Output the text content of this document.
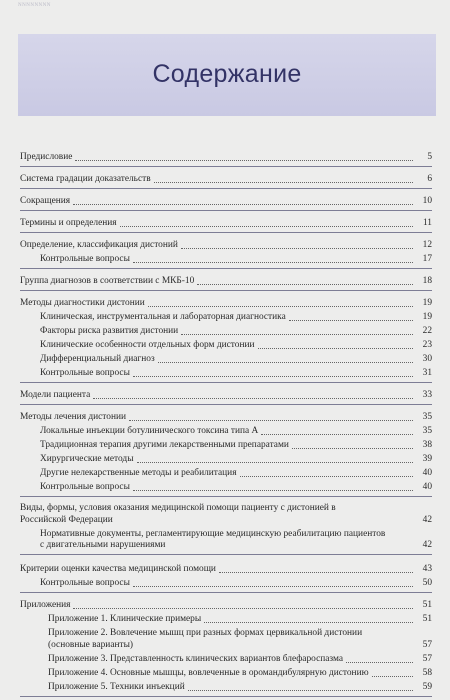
NNNNNNNN
Содержание
Предисловие	5
Система градации доказательств	6
Сокращения	10
Термины и определения	11
Определение, классификация дистоний	12
Контрольные вопросы	17
Группа диагнозов в соответствии с МКБ-10	18
Методы диагностики дистонии	19
Клиническая, инструментальная и лабораторная диагностика	19
Факторы риска развития дистонии	22
Клинические особенности отдельных форм дистонии	23
Дифференциальный диагноз	30
Контрольные вопросы	31
Модели пациента	33
Методы лечения дистонии	35
Локальные инъекции ботулинического токсина типа А	35
Традиционная терапия другими лекарственными препаратами	38
Хирургические методы	39
Другие нелекарственные методы и реабилитация	40
Контрольные вопросы	40
Виды, формы, условия оказания медицинской помощи пациенту с дистонией в Российской Федерации	42
Нормативные документы, регламентирующие медицинскую реабилитацию пациентов с двигательными нарушениями	42
Критерии оценки качества медицинской помощи	43
Контрольные вопросы	50
Приложения	51
Приложение 1. Клинические примеры	51
Приложение 2. Вовлечение мышц при разных формах цервикальной дистонии (основные варианты)	57
Приложение 3. Представленность клинических вариантов блефароспазма	57
Приложение 4. Основные мышцы, вовлеченные в оромандибулярную дистонию	58
Приложение 5. Техники инъекций	59
